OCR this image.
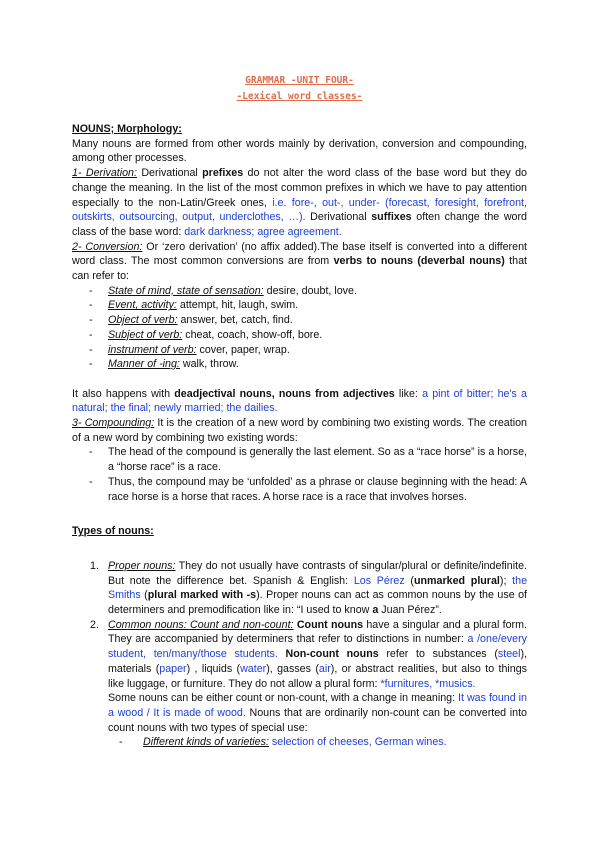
GRAMMAR -UNIT FOUR-
-Lexical word classes-
NOUNS; Morphology:

Many nouns are formed from other words mainly by derivation, conversion and compounding, among other processes.

1- Derivation: Derivational prefixes do not alter the word class of the base word but they do change the meaning. In the list of the most common prefixes in which we have to pay attention especially to the non-Latin/Greek ones, i.e. fore-, out-, under- (forecast, foresight, forefront, outskirts, outsourcing, output, underclothes, …). Derivational suffixes often change the word class of the base word: dark darkness; agree agreement.

2- Conversion: Or ‘zero derivation’ (no affix added).The base itself is converted into a different word class. The most common conversions are from verbs to nouns (deverbal nouns) that can refer to:

- State of mind, state of sensation: desire, doubt, love.
- Event, activity: attempt, hit, laugh, swim.
- Object of verb: answer, bet, catch, find.
- Subject of verb: cheat, coach, show-off, bore.
- instrument of verb: cover, paper, wrap.
- Manner of -ing: walk, throw.

It also happens with deadjectival nouns, nouns from adjectives like: a pint of bitter; he's a natural; the final; newly married; the dailies.

3- Compounding: It is the creation of a new word by combining two existing words. The creation of a new word by combining two existing words:

- The head of the compound is generally the last element. So as a “race horse” is a horse, a “horse race” is a race.
- Thus, the compound may be ‘unfolded’ as a phrase or clause beginning with the head: A race horse is a horse that races. A horse race is a race that involves horses.
Types of nouns:
1. Proper nouns: They do not usually have contrasts of singular/plural or definite/indefinite. But note the difference bet. Spanish & English: Los Pérez (unmarked plural); the Smiths (plural marked with -s). Proper nouns can act as common nouns by the use of determiners and premodification like in: “I used to know a Juan Pérez”.
2. Common nouns: Count and non-count: Count nouns have a singular and a plural form. They are accompanied by determiners that refer to distinctions in number: a /one/every student, ten/many/those students. Non-count nouns refer to substances (steel), materials (paper) , liquids (water), gasses (air), or abstract realities, but also to things like luggage, or furniture. They do not allow a plural form: *furnitures, *musics.

Some nouns can be either count or non-count, with a change in meaning: It was found in a wood / It is made of wood. Nouns that are ordinarily non-count can be converted into count nouns with two types of special use:

- Different kinds of varieties: selection of cheeses, German wines.
